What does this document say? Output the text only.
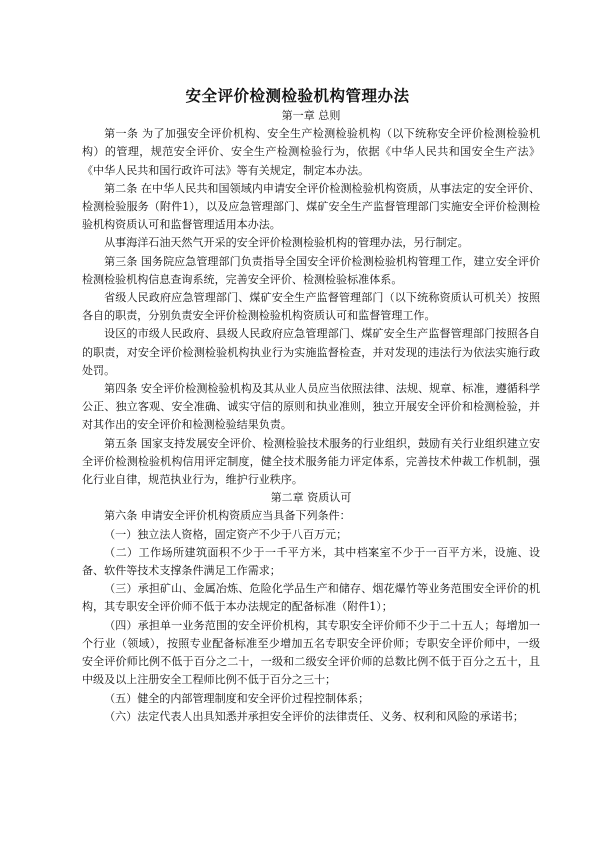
安全评价检测检验机构管理办法
第一章 总则

第一条 为了加强安全评价机构、安全生产检测检验机构（以下统称安全评价检测检验机构）的管理，规范安全评价、安全生产检测检验行为，依据《中华人民共和国安全生产法》《中华人民共和国行政许可法》等有关规定，制定本办法。

第二条 在中华人民共和国领域内申请安全评价检测检验机构资质，从事法定的安全评价、检测检验服务（附件1），以及应急管理部门、煤矿安全生产监督管理部门实施安全评价检测检验机构资质认可和监督管理适用本办法。

从事海洋石油天然气开采的安全评价检测检验机构的管理办法，另行制定。

第三条 国务院应急管理部门负责指导全国安全评价检测检验机构管理工作，建立安全评价检测检验机构信息查询系统，完善安全评价、检测检验标准体系。

省级人民政府应急管理部门、煤矿安全生产监督管理部门（以下统称资质认可机关）按照各自的职责，分别负责安全评价检测检验机构资质认可和监督管理工作。

设区的市级人民政府、县级人民政府应急管理部门、煤矿安全生产监督管理部门按照各自的职责，对安全评价检测检验机构执业行为实施监督检查，并对发现的违法行为依法实施行政处罚。

第四条 安全评价检测检验机构及其从业人员应当依照法律、法规、规章、标准，遵循科学公正、独立客观、安全准确、诚实守信的原则和执业准则，独立开展安全评价和检测检验，并对其作出的安全评价和检测检验结果负责。

第五条 国家支持发展安全评价、检测检验技术服务的行业组织，鼓励有关行业组织建立安全评价检测检验机构信用评定制度，健全技术服务能力评定体系，完善技术仲裁工作机制，强化行业自律，规范执业行为，维护行业秩序。

第二章 资质认可

第六条 申请安全评价机构资质应当具备下列条件：

（一）独立法人资格，固定资产不少于八百万元；

（二）工作场所建筑面积不少于一千平方米，其中档案室不少于一百平方米，设施、设备、软件等技术支撑条件满足工作需求；

（三）承担矿山、金属冶炼、危险化学品生产和储存、烟花爆竹等业务范围安全评价的机构，其专职安全评价师不低于本办法规定的配备标准（附件1）；

（四）承担单一业务范围的安全评价机构，其专职安全评价师不少于二十五人；每增加一个行业（领域），按照专业配备标准至少增加五名专职安全评价师；专职安全评价师中，一级安全评价师比例不低于百分之二十，一级和二级安全评价师的总数比例不低于百分之五十，且中级及以上注册安全工程师比例不低于百分之三十；

（五）健全的内部管理制度和安全评价过程控制体系；

（六）法定代表人出具知悉并承担安全评价的法律责任、义务、权利和风险的承诺书；
